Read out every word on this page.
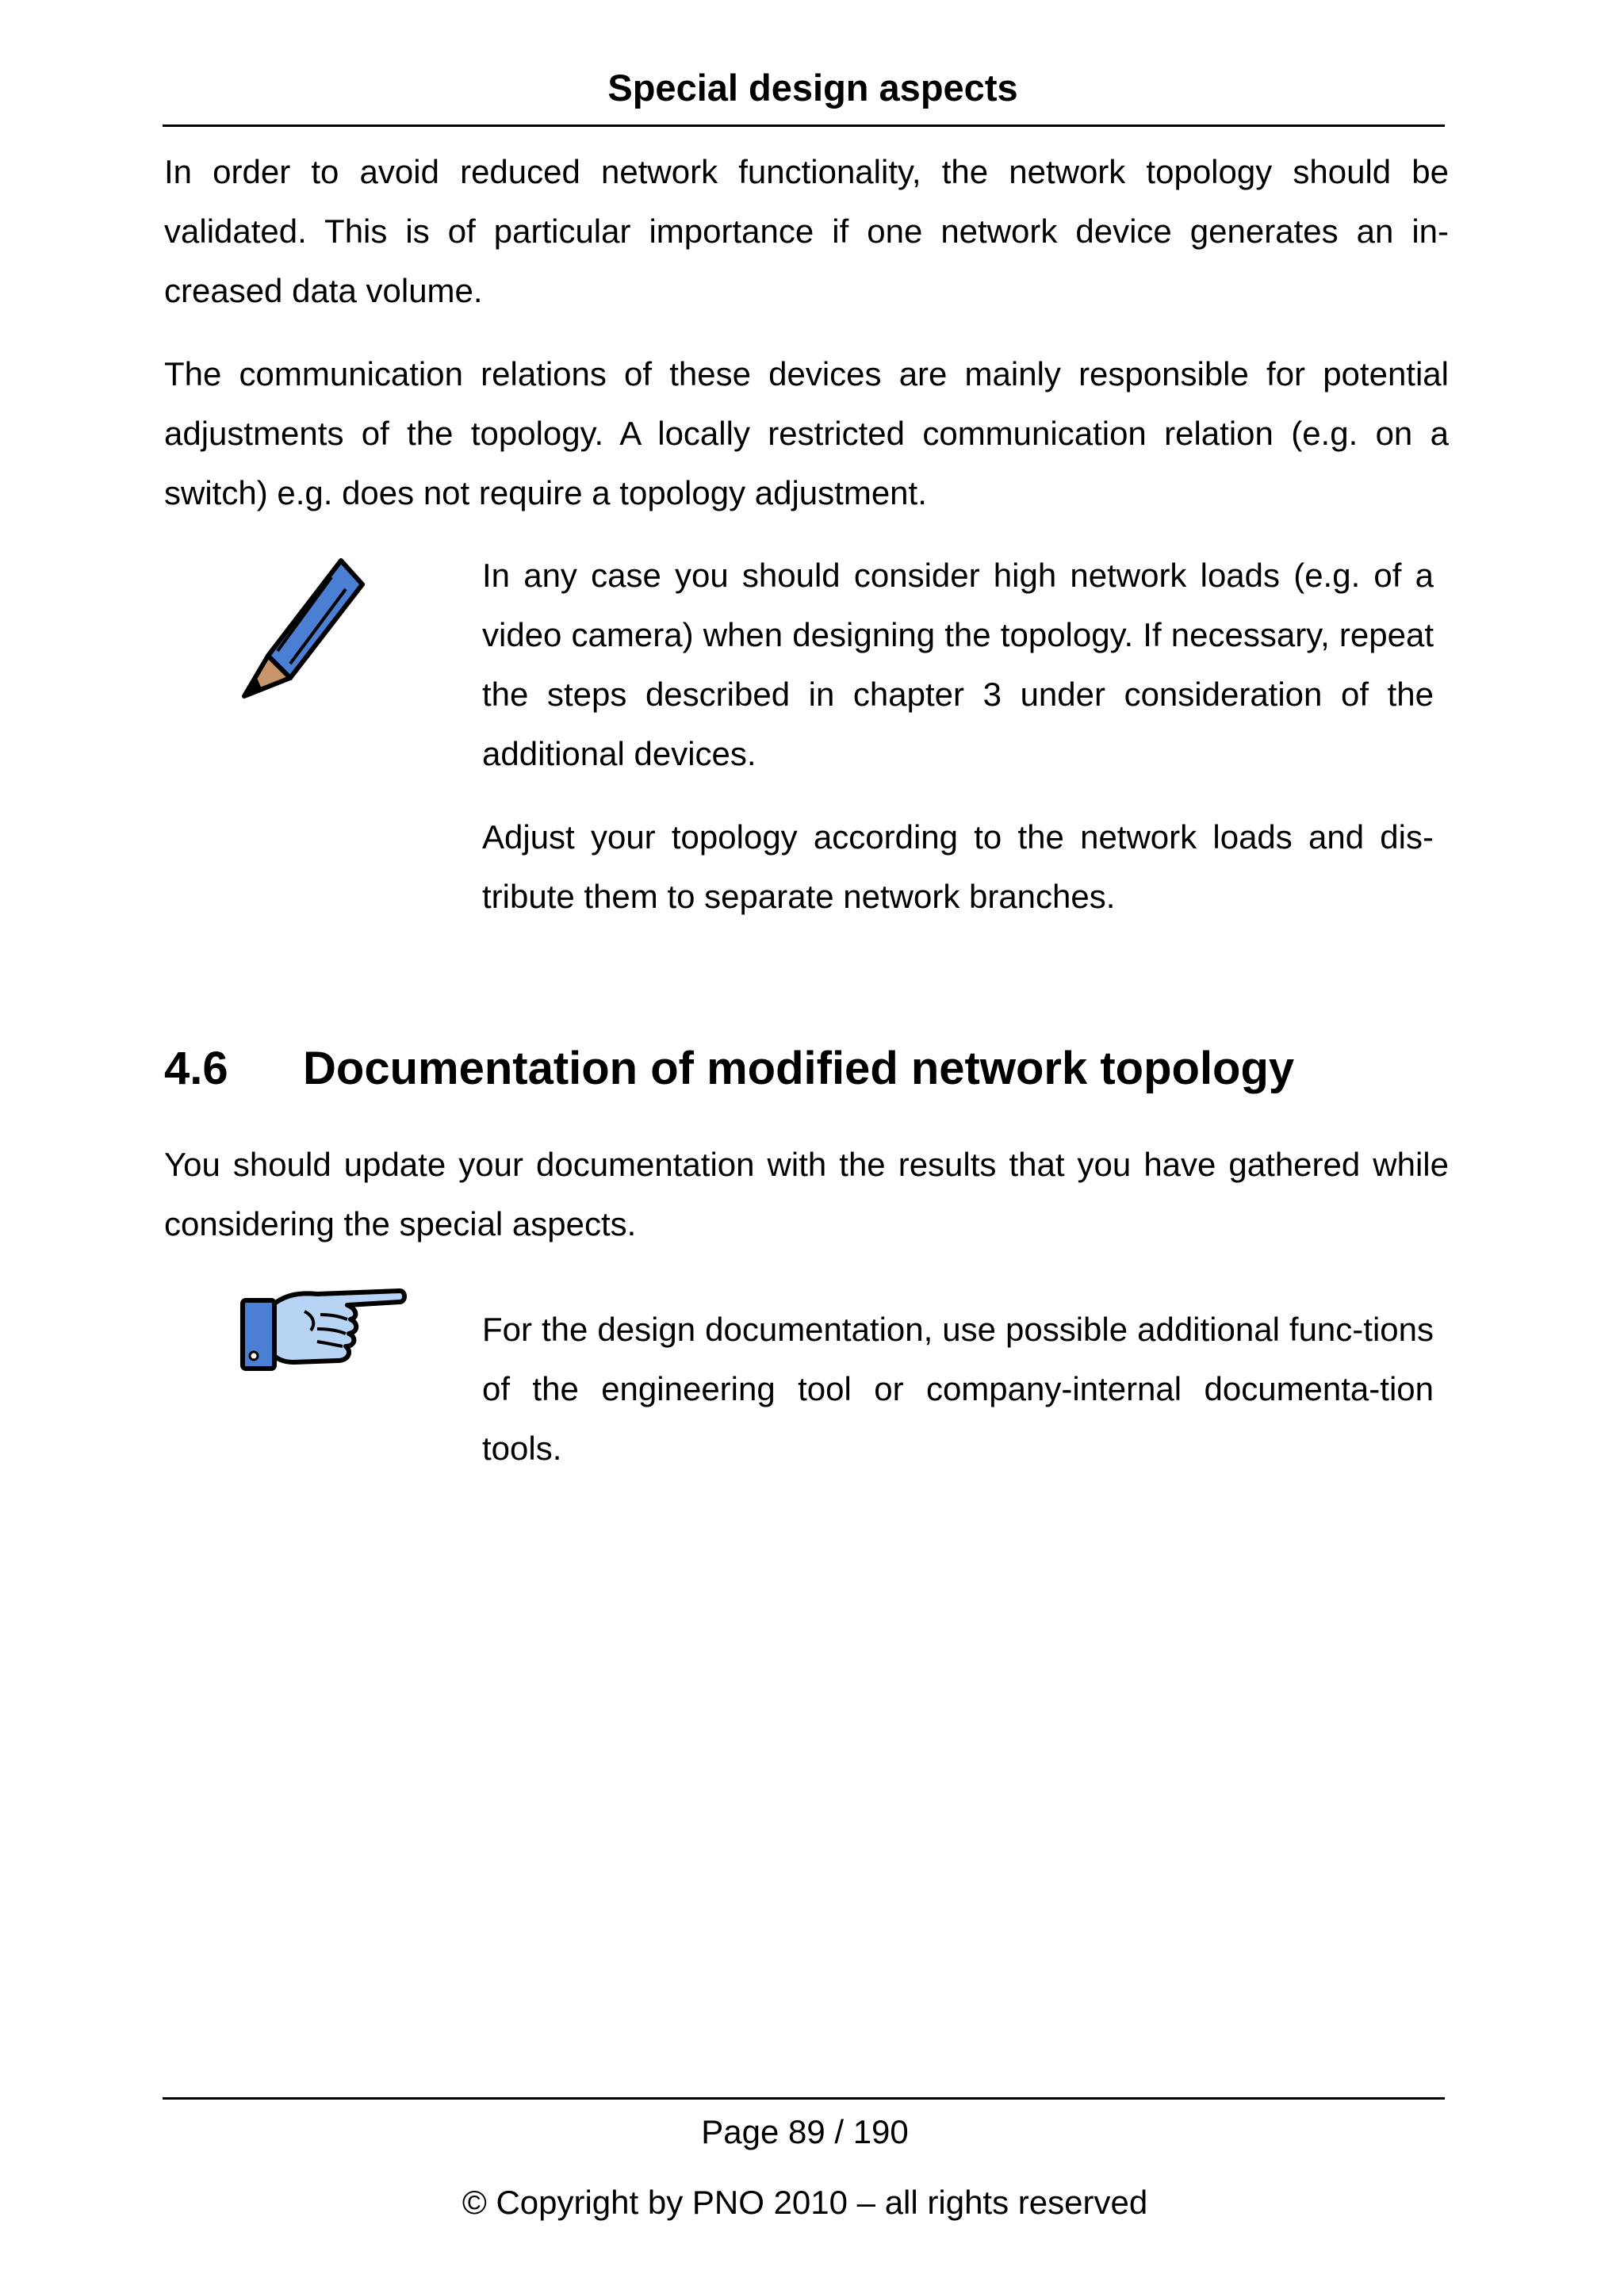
Special design aspects

In order to avoid reduced network functionality, the network topology should be validated. This is of particular importance if one network device generates an in-creased data volume.

The communication relations of these devices are mainly responsible for potential adjustments of the topology. A locally restricted communication relation (e.g. on a switch) e.g. does not require a topology adjustment.

In any case you should consider high network loads (e.g. of a video camera) when designing the topology. If necessary, repeat the steps described in chapter 3 under consideration of the additional devices.

Adjust your topology according to the network loads and dis-tribute them to separate network branches.

4.6 Documentation of modified network topology

You should update your documentation with the results that you have gathered while considering the special aspects.

For the design documentation, use possible additional func-tions of the engineering tool or company-internal documenta-tion tools.

Page 89 / 190
© Copyright by PNO 2010 – all rights reserved
